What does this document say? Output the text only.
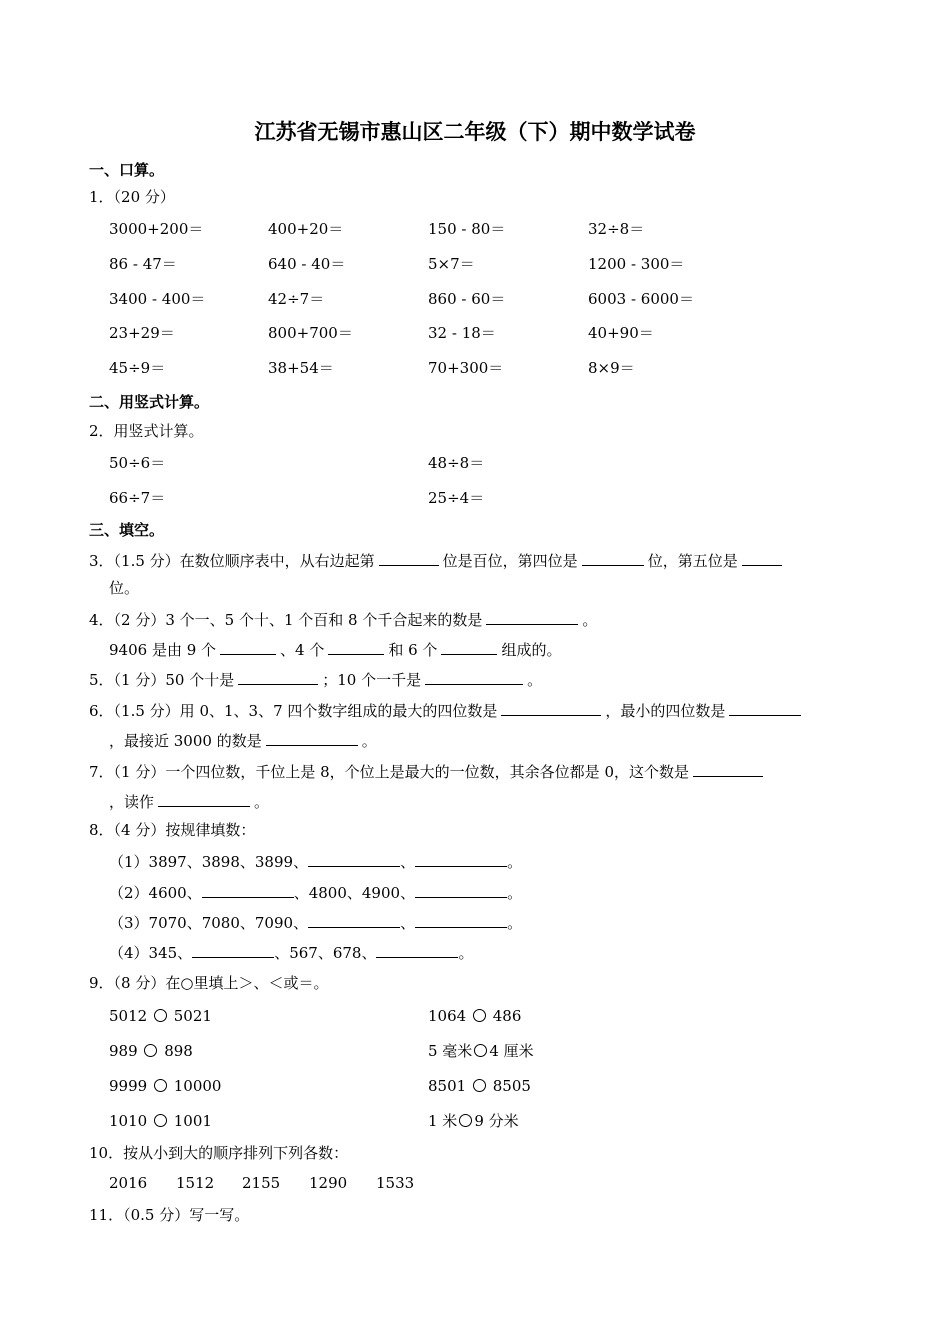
江苏省无锡市惠山区二年级（下）期中数学试卷
一、口算。
1．（20 分）
3000+200＝	400+20＝	150 - 80＝	32÷8＝
86 - 47＝	640 - 40＝	5×7＝	1200 - 300＝
3400 - 400＝	42÷7＝	860 - 60＝	6003 - 6000＝
23+29＝	800+700＝	32 - 18＝	40+90＝
45÷9＝	38+54＝	70+300＝	8×9＝
二、用竖式计算。
2．用竖式计算。
50÷6＝	48÷8＝
66÷7＝	25÷4＝
三、填空。
3．（1.5 分）在数位顺序表中，从右边起第	位是百位，第四位是	位，第五位是
位。
4．（2 分）3 个一、5 个十、1 个百和 8 个千合起来的数是	。
9406 是由 9 个	、4 个	和 6 个	组成的。
5．（1 分）50 个十是	；10 个一千是	。
6．（1.5 分）用 0、1、3、7 四个数字组成的最大的四位数是	，最小的四位数是
，最接近 3000 的数是	。
7．（1 分）一个四位数，千位上是 8，个位上是最大的一位数，其余各位都是 0，这个数是
，读作	。
8．（4 分）按规律填数：
（1）3897、3898、3899、	、	。
（2）4600、	、4800、4900、	。
（3）7070、7080、7090、	、	。
（4）345、	、567、678、	。
9．（8 分）在○里填上＞、＜或＝。
5012 5021	1064 486
989 898	5 毫米 4 厘米
9999 10000	8501 8505
1010 1001	1 米 9 分米
10．按从小到大的顺序排列下列各数：
2016 1512 2155 1290 1533
11．（0.5 分）写一写。
